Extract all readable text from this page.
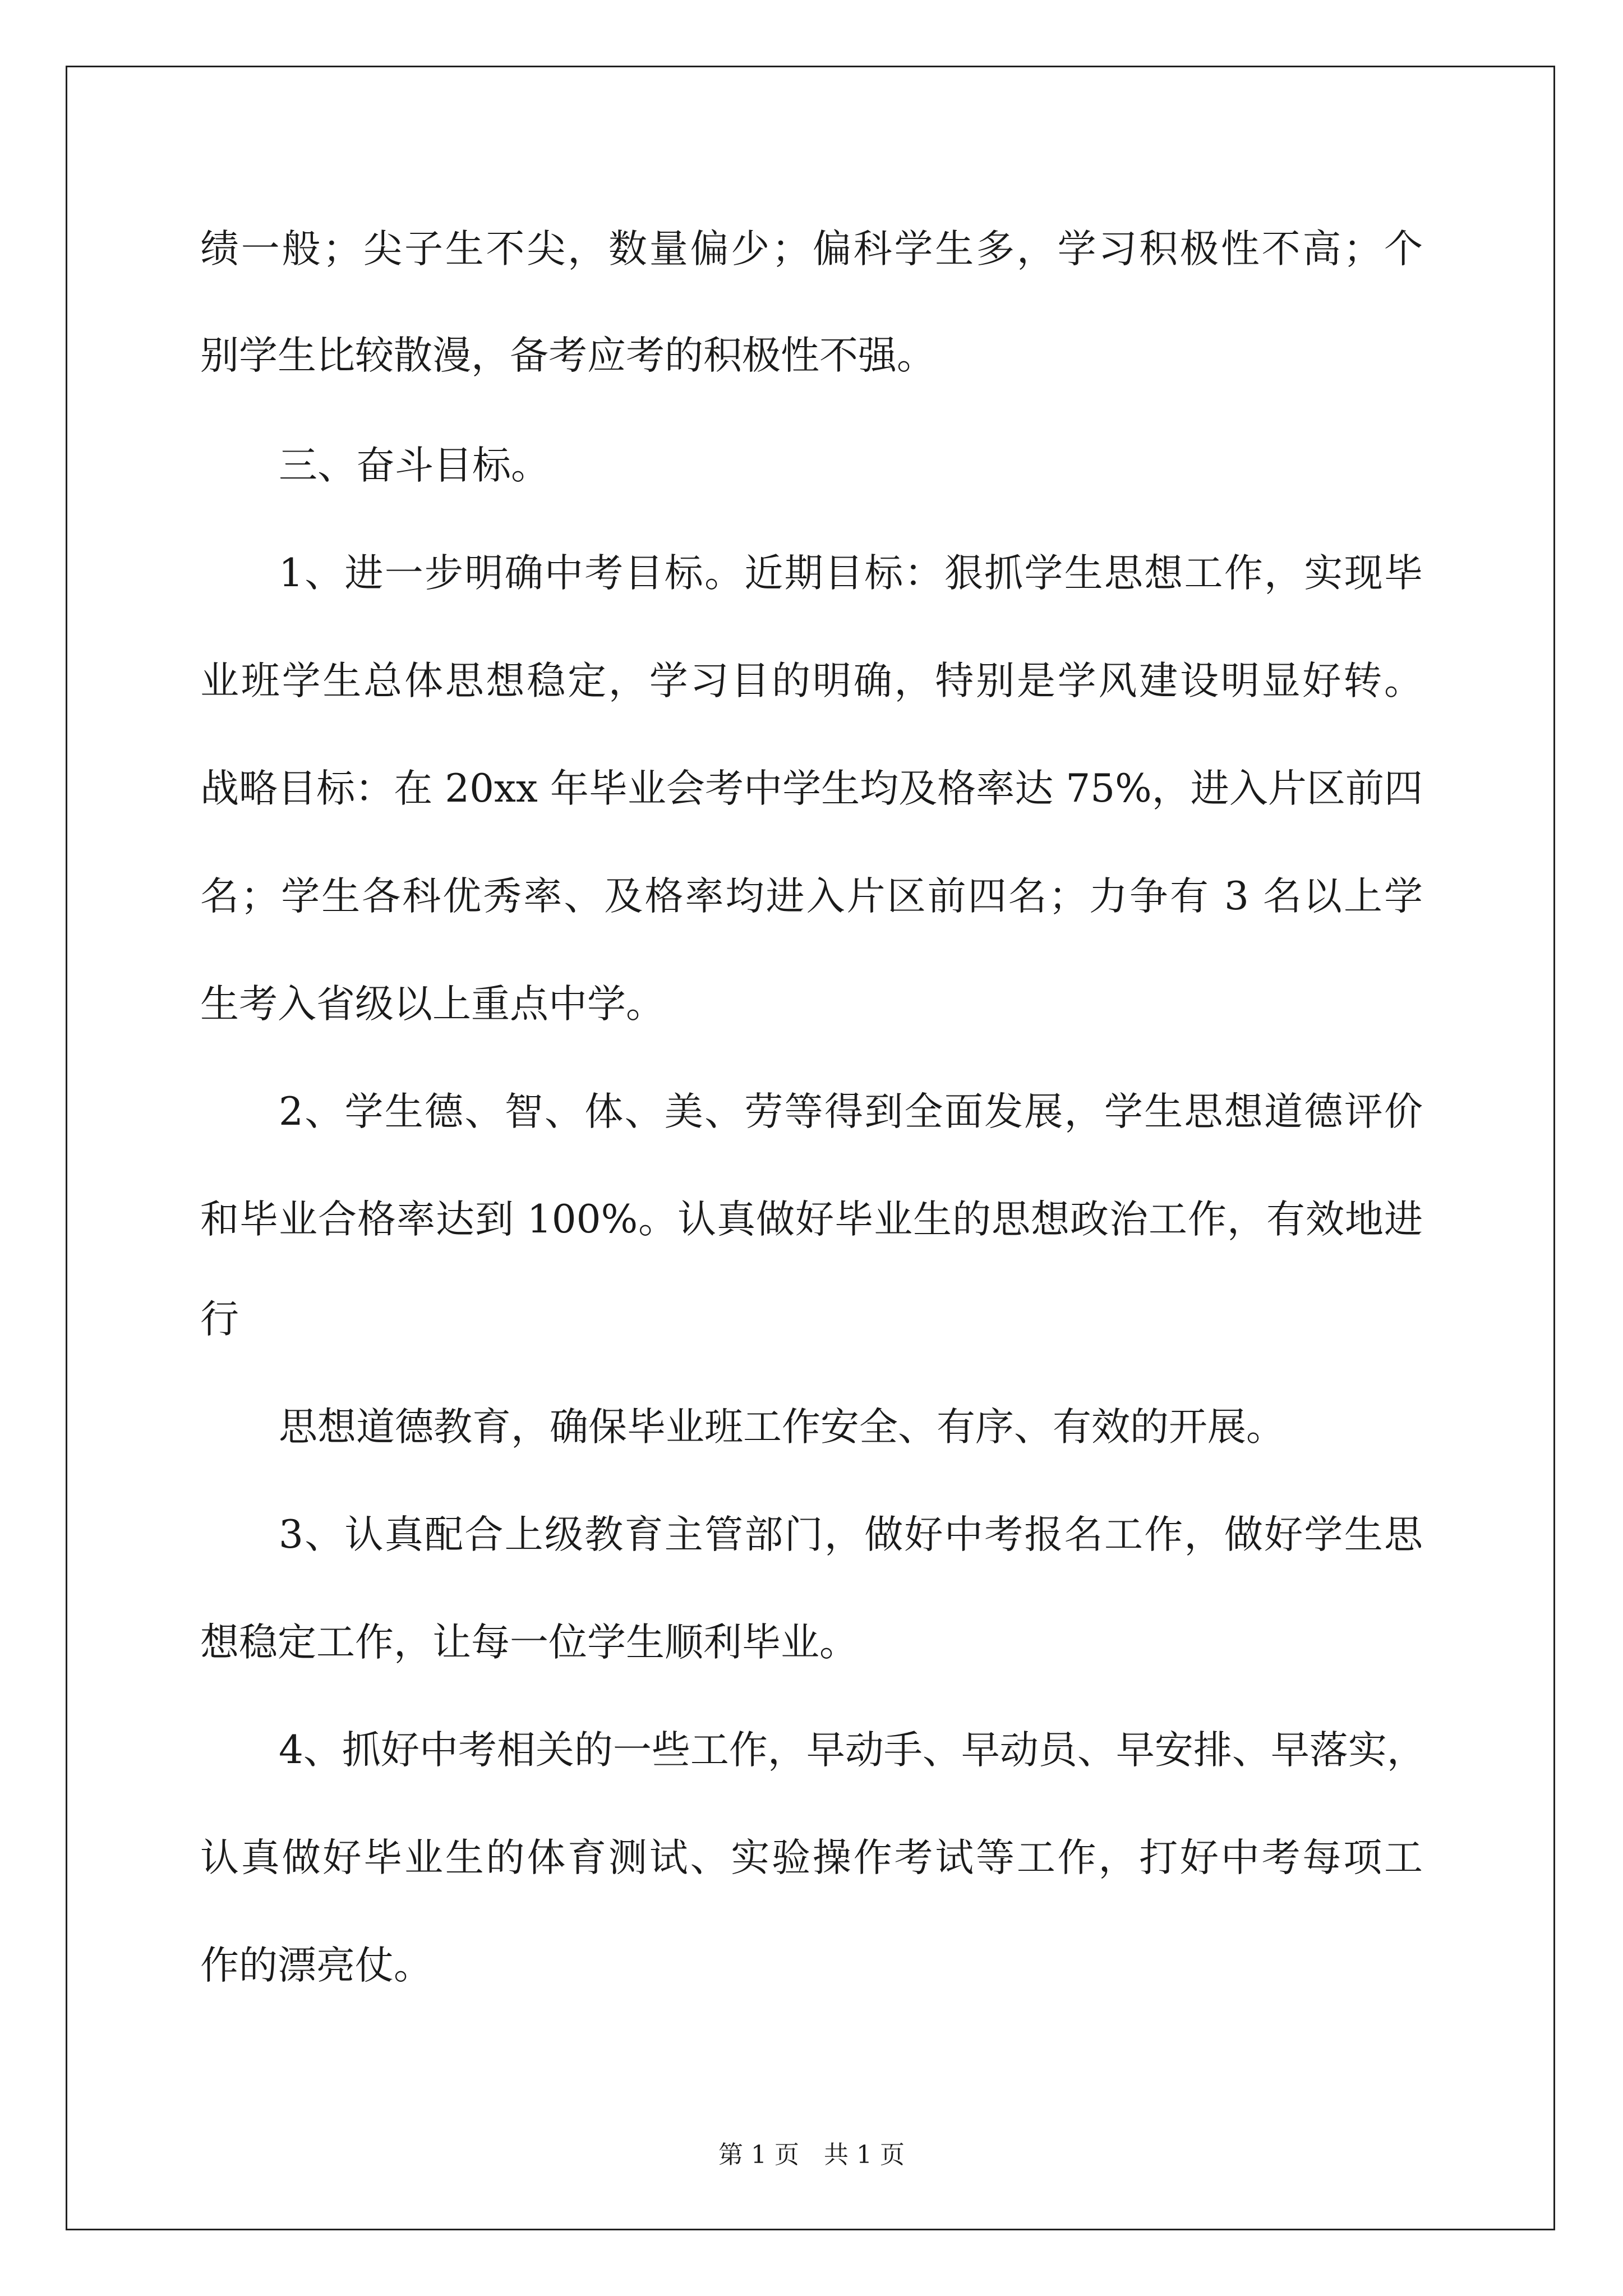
绩一般；尖子生不尖，数量偏少；偏科学生多，学习积极性不高；个
别学生比较散漫，备考应考的积极性不强。
三、奋斗目标。
1、进一步明确中考目标。近期目标：狠抓学生思想工作，实现毕
业班学生总体思想稳定，学习目的明确，特别是学风建设明显好转。
战略目标：在 20xx 年毕业会考中学生均及格率达 75%，进入片区前四
名；学生各科优秀率、及格率均进入片区前四名；力争有 3 名以上学
生考入省级以上重点中学。
2、学生德、智、体、美、劳等得到全面发展，学生思想道德评价
和毕业合格率达到 100%。认真做好毕业生的思想政治工作，有效地进
行
思想道德教育，确保毕业班工作安全、有序、有效的开展。
3、认真配合上级教育主管部门，做好中考报名工作，做好学生思
想稳定工作，让每一位学生顺利毕业。
4、抓好中考相关的一些工作，早动手、早动员、早安排、早落实，
认真做好毕业生的体育测试、实验操作考试等工作，打好中考每项工
作的漂亮仗。
第 1 页　共 1 页
